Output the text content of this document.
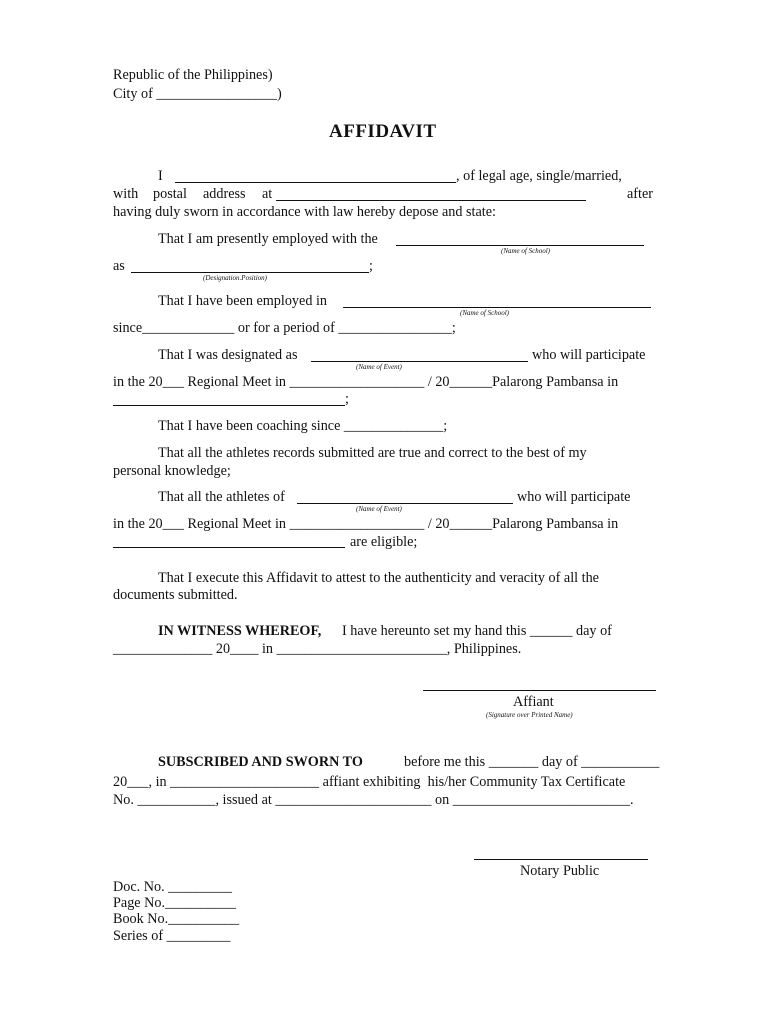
Republic of the Philippines)
City of _________________)
AFFIDAVIT
I	, of legal age, single/married,
with postal address at	after
having duly sworn in accordance with law hereby depose and state:
That I am presently employed with the
(Name of School)
as	;
(Designation.Position)
That I have been employed in
(Name of School)
since_____________ or for a period of ________________;
That I was designated as	who will participate
(Name of Event)
in the 20___ Regional Meet in ___________________ / 20______Palarong Pambansa in
;
That I have been coaching since ______________;
That all the athletes records submitted are true and correct to the best of my
personal knowledge;
That all the athletes of	who will participate
(Name of Event)
in the 20___ Regional Meet in ___________________ / 20______Palarong Pambansa in
are eligible;
That I execute this Affidavit to attest to the authenticity and veracity of all the
documents submitted.
IN WITNESS WHEREOF, I have hereunto set my hand this ______ day of
______________ 20____ in ________________________, Philippines.
Affiant
(Signature over Printed Name)
SUBSCRIBED AND SWORN TO	before me this _______ day of ___________
20___, in _____________________ affiant exhibiting  his/her Community Tax Certificate
No. ___________, issued at ______________________ on _________________________.
Notary Public
Doc. No. _________
Page No.__________
Book No.__________
Series of _________
